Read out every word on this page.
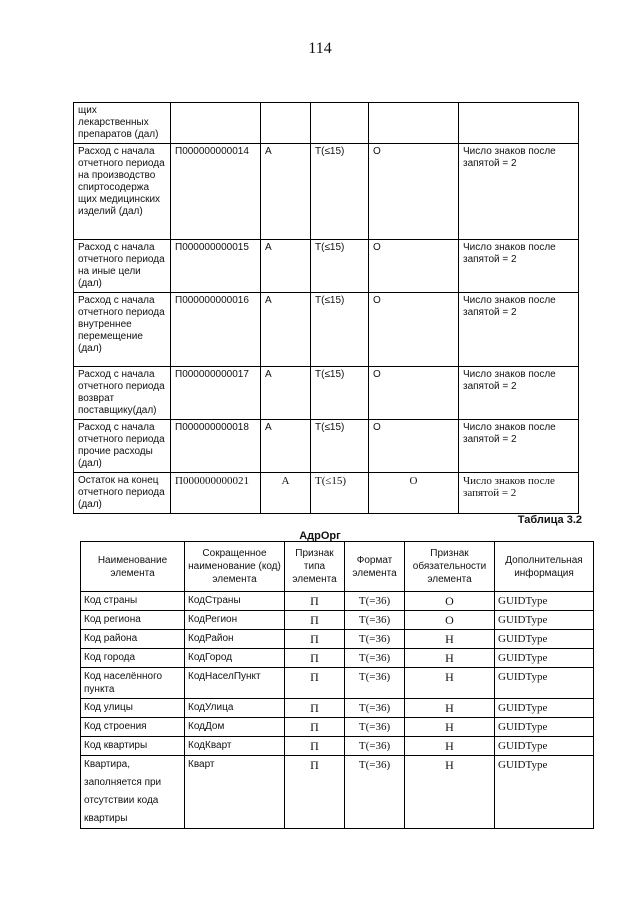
114
щих лекарственных препаратов (дал)					
Расход с начала отчетного периода на производство спиртосодержа щих медицинских изделий (дал)	П000000000014	А	Т(≤15)	О	Число знаков после запятой = 2
Расход с начала отчетного периода на иные цели (дал)	П000000000015	А	Т(≤15)	О	Число знаков после запятой = 2
Расход с начала отчетного периода внутреннее перемещение (дал)	П000000000016	А	Т(≤15)	О	Число знаков после запятой = 2
Расход с начала отчетного периода возврат поставщику(дал)	П000000000017	А	Т(≤15)	О	Число знаков после запятой = 2
Расход с начала отчетного периода прочие расходы (дал)	П000000000018	А	Т(≤15)	О	Число знаков после запятой = 2
Остаток на конец отчетного периода (дал)	П000000000021	А	Т(≤15)	О	Число знаков после запятой = 2
Таблица 3.2
АдрОрг
Наименование элемента	Сокращенное наименование (код) элемента	Признак типа элемента	Формат элемента	Признак обязательности элемента	Дополнительная информация
Код страны	КодСтраны	П	Т(=36)	О	GUIDType
Код региона	КодРегион	П	Т(=36)	О	GUIDType
Код района	КодРайон	П	Т(=36)	Н	GUIDType
Код города	КодГород	П	Т(=36)	Н	GUIDType
Код населённого пункта	КодНаселПункт	П	Т(=36)	Н	GUIDType
Код улицы	КодУлица	П	Т(=36)	Н	GUIDType
Код строения	КодДом	П	Т(=36)	Н	GUIDType
Код квартиры	КодКварт	П	Т(=36)	Н	GUIDType
Квартира, заполняется при отсутствии кода квартиры	Кварт	П	Т(=36)	Н	GUIDType
